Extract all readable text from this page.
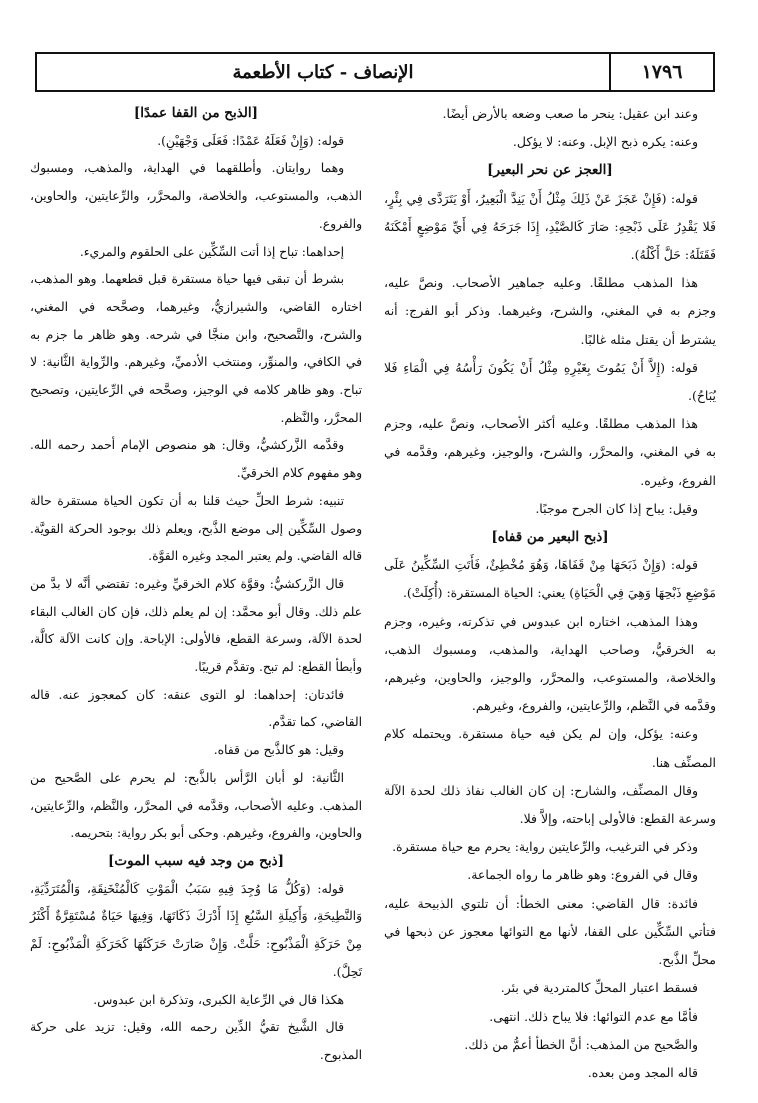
الإنصاف - كتاب الأطعمة	١٧٩٦

وعند ابن عقيل: ينحر ما صعب وضعه بالأرض أيضًا.

وعنه: يكره ذبح الإبل. وعنه: لا يؤكل.

[العجز عن نحر البعير]

قوله: (فَإِنْ عَجَزَ عَنْ ذَلِكَ مِثْلُ أَنْ يَنِدَّ الْبَعِيرُ، أَوْ يَتَرَدَّى فِي بِئْرٍ، فَلا يَقْدِرُ عَلَى ذَبْحِهِ: صَارَ كَالصَّيْدِ، إِذَا جَرَحَهُ فِي أَيِّ مَوْضِعٍ أَمْكَنَهُ فَقَتَلَهُ: حَلَّ أَكْلُهُ).

هذا المذهب مطلقًا. وعليه جماهير الأصحاب. ونصَّ عليه، وجزم به في المغني، والشرح، وغيرهما. وذكر أبو الفرج: أنه يشترط أن يقتل مثله غالبًا.

قوله: (إِلاَّ أَنْ يَمُوتَ بِغَيْرِهِ مِثْلُ أَنْ يَكُونَ رَأْسُهُ فِي الْمَاءِ فَلا يُبَاحُ).

هذا المذهب مطلقًا. وعليه أكثر الأصحاب، ونصَّ عليه، وجزم به في المغني، والمحرَّر، والشرح، والوجيز، وغيرهم، وقدَّمه في الفروع، وغيره.

وقيل: يباح إذا كان الجرح موجبًا.

[ذبح البعير من قفاه]

قوله: (وَإِنْ ذَبَحَهَا مِنْ قَفَاهَا، وَهُوَ مُخْطِئٌ، فَأَتَتِ السِّكِّينُ عَلَى مَوْضِعِ ذَبْحِهَا وَهِيَ فِي الْحَيَاةِ) يعني: الحياة المستقرة: (أُكِلَتْ).

وهذا المذهب، اختاره ابن عبدوس في تذكرته، وغيره، وجزم به الخرقيُّ، وصاحب الهداية، والمذهب، ومسبوك الذهب، والخلاصة، والمستوعب، والمحرَّر، والوجيز، والحاوين، وغيرهم، وقدَّمه في النَّظم، والرِّعايتين، والفروع، وغيرهم.

وعنه: يؤكل، وإن لم يكن فيه حياة مستقرة. ويحتمله كلام المصنِّف هنا.

وقال المصنِّف، والشارح: إن كان الغالب نفاذ ذلك لحدة الآلة وسرعة القطع: فالأولى إباحته، وإلاَّ فلا.

وذكر في الترغيب، والرِّعايتين رواية: يحرم مع حياة مستقرة.

وقال في الفروع: وهو ظاهر ما رواه الجماعة.

فائدة: قال القاضي: معنى الخطأ: أن تلتوي الذبيحة عليه، فتأتي السِّكِّين على القفا، لأنها مع التوائها معجوز عن ذبحها في محلِّ الذَّبح.

فسقط اعتبار المحلِّ كالمتردية في بئر.

فأمَّا مع عدم التوائها: فلا يباح ذلك. انتهى.

والصَّحيح من المذهب: أنَّ الخطأ أعمُّ من ذلك.

قاله المجد ومن بعده.

[الذبح من القفا عمدًا]

قوله: (وَإِنْ فَعَلَهُ عَمْدًا: فَعَلَى وَجْهَيْنِ).

وهما روايتان. وأطلقهما في الهداية، والمذهب، ومسبوك الذهب، والمستوعب، والخلاصة، والمحرَّر، والرِّعايتين، والحاوين، والفروع.

إحداهما: تباح إذا أتت السِّكِّين على الحلقوم والمريء.

بشرط أن تبقى فيها حياة مستقرة قبل قطعهما. وهو المذهب، اختاره القاضي، والشيرازيُّ، وغيرهما، وصحَّحه في المغني، والشرح، والتَّصحيح، وابن منجَّا في شرحه. وهو ظاهر ما جزم به في الكافي، والمنوِّر، ومنتخب الأدميِّ، وغيرهم. والرِّواية الثَّانية: لا تباح. وهو ظاهر كلامه في الوجيز، وصحَّحه في الرِّعايتين، وتصحيح المحرَّر، والنَّظم.

وقدَّمه الزَّركشيُّ، وقال: هو منصوص الإمام أحمد رحمه الله. وهو مفهوم كلام الخرقيِّ.

تنبيه: شرط الحلِّ حيث قلنا به أن تكون الحياة مستقرة حالة وصول السِّكِّين إلى موضع الذَّبح، ويعلم ذلك بوجود الحركة القويَّة. قاله القاضي. ولم يعتبر المجد وغيره القوَّة.

قال الزَّركشيُّ: وقوَّة كلام الخرقيِّ وغيره: تقتضي أنَّه لا بدَّ من علم ذلك. وقال أبو محمَّد: إن لم يعلم ذلك، فإن كان الغالب البقاء لحدة الآلة، وسرعة القطع، فالأولى: الإباحة. وإن كانت الآلة كالَّة، وأبطأ القطع: لم تبح. وتقدَّم قريبًا.

فائدتان: إحداهما: لو التوى عنقه: كان كمعجوز عنه. قاله القاضي، كما تقدَّم.

وقيل: هو كالذَّبح من قفاه.

الثَّانية: لو أبان الرَّأس بالذَّبح: لم يحرم على الصَّحيح من المذهب. وعليه الأصحاب، وقدَّمه في المحرَّر، والنَّظم، والرِّعايتين، والحاوين، والفروع، وغيرهم. وحكى أبو بكر رواية: بتحريمه.

[ذبح من وجد فيه سبب الموت]

قوله: (وَكُلُّ مَا وُجِدَ فِيهِ سَبَبُ الْمَوْتِ كَالْمُنْخَنِقَةِ، وَالْمُتَرَدِّيَةِ، وَالنَّطِيحَةِ، وَأَكِيلَةِ السَّبُعِ إِذَا أَدْرَكَ ذَكَاتَهَا، وَفِيهَا حَيَاةٌ مُسْتَقِرَّةٌ أَكْثَرُ مِنْ حَرَكَةِ الْمَذْبُوحِ: حَلَّتْ. وَإِنْ صَارَتْ حَرَكَتُهَا كَحَرَكَةِ الْمَذْبُوحِ: لَمْ تَحِلَّ).

هكذا قال في الرِّعاية الكبرى، وتذكرة ابن عبدوس.

قال الشَّيخ تقيُّ الدِّين رحمه الله، وقيل: تزيد على حركة المذبوح.
